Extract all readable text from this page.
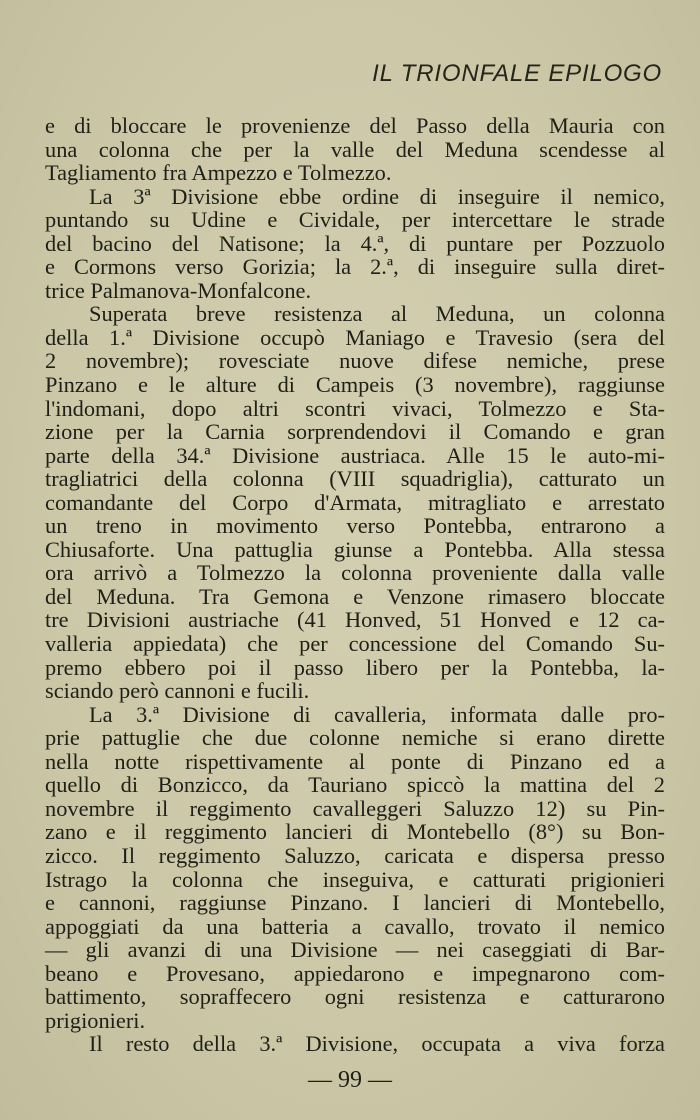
IL TRIONFALE EPILOGO
e di bloccare le provenienze del Passo della Mauria con
una colonna che per la valle del Meduna scendesse al
Tagliamento fra Ampezzo e Tolmezzo.
La 3ª Divisione ebbe ordine di inseguire il nemico,
puntando su Udine e Cividale, per intercettare le strade
del bacino del Natisone; la 4.ª, di puntare per Pozzuolo
e Cormons verso Gorizia; la 2.ª, di inseguire sulla diret-
trice Palmanova-Monfalcone.
Superata breve resistenza al Meduna, un colonna
della 1.ª Divisione occupò Maniago e Travesio (sera del
2 novembre); rovesciate nuove difese nemiche, prese
Pinzano e le alture di Campeis (3 novembre), raggiunse
l'indomani, dopo altri scontri vivaci, Tolmezzo e Sta-
zione per la Carnia sorprendendovi il Comando e gran
parte della 34.ª Divisione austriaca. Alle 15 le auto-mi-
tragliatrici della colonna (VIII squadriglia), catturato un
comandante del Corpo d'Armata, mitragliato e arrestato
un treno in movimento verso Pontebba, entrarono a
Chiusaforte. Una pattuglia giunse a Pontebba. Alla stessa
ora arrivò a Tolmezzo la colonna proveniente dalla valle
del Meduna. Tra Gemona e Venzone rimasero bloccate
tre Divisioni austriache (41 Honved, 51 Honved e 12 ca-
valleria appiedata) che per concessione del Comando Su-
premo ebbero poi il passo libero per la Pontebba, la-
sciando però cannoni e fucili.
La 3.ª Divisione di cavalleria, informata dalle pro-
prie pattuglie che due colonne nemiche si erano dirette
nella notte rispettivamente al ponte di Pinzano ed a
quello di Bonzicco, da Tauriano spiccò la mattina del 2
novembre il reggimento cavalleggeri Saluzzo 12) su Pin-
zano e il reggimento lancieri di Montebello (8°) su Bon-
zicco. Il reggimento Saluzzo, caricata e dispersa presso
Istrago la colonna che inseguiva, e catturati prigionieri
e cannoni, raggiunse Pinzano. I lancieri di Montebello,
appoggiati da una batteria a cavallo, trovato il nemico
— gli avanzi di una Divisione — nei caseggiati di Bar-
beano e Provesano, appiedarono e impegnarono com-
battimento, sopraffecero ogni resistenza e catturarono
prigionieri.
Il resto della 3.ª Divisione, occupata a viva forza
— 99 —
